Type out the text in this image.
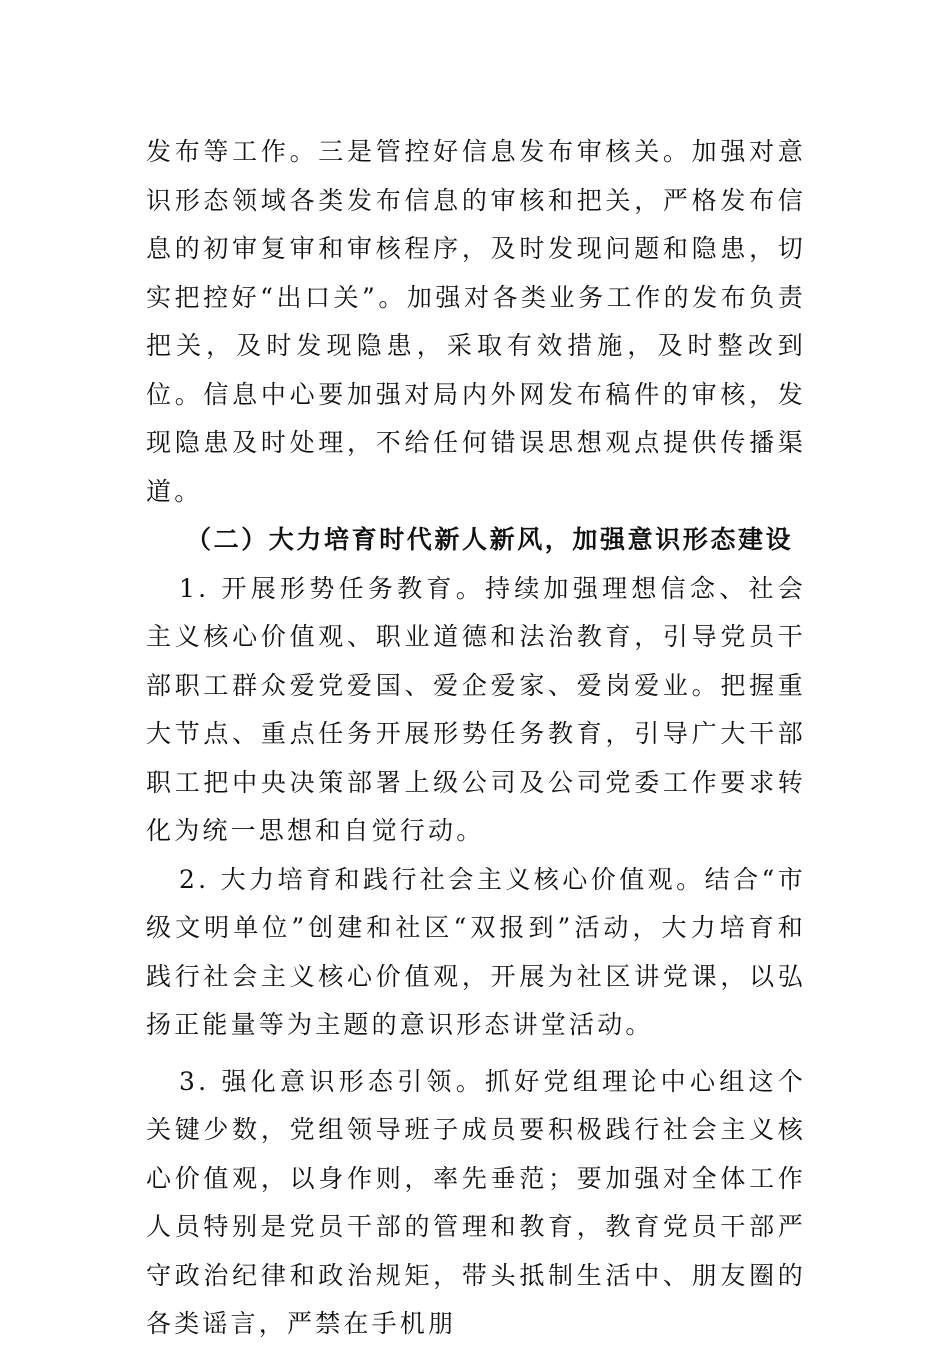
发布等工作。三是管控好信息发布审核关。加强对意识形态领域各类发布信息的审核和把关，严格发布信息的初审复审和审核程序，及时发现问题和隐患，切实把控好“出口关”。加强对各类业务工作的发布负责把关，及时发现隐患，采取有效措施，及时整改到位。信息中心要加强对局内外网发布稿件的审核，发现隐患及时处理，不给任何错误思想观点提供传播渠道。

（二）大力培育时代新人新风，加强意识形态建设

1. 开展形势任务教育。持续加强理想信念、社会主义核心价值观、职业道德和法治教育，引导党员干部职工群众爱党爱国、爱企爱家、爱岗爱业。把握重大节点、重点任务开展形势任务教育，引导广大干部职工把中央决策部署上级公司及公司党委工作要求转化为统一思想和自觉行动。

2. 大力培育和践行社会主义核心价值观。结合“市级文明单位”创建和社区“双报到”活动，大力培育和践行社会主义核心价值观，开展为社区讲党课，以弘扬正能量等为主题的意识形态讲堂活动。

3. 强化意识形态引领。抓好党组理论中心组这个关键少数，党组领导班子成员要积极践行社会主义核心价值观，以身作则，率先垂范；要加强对全体工作人员特别是党员干部的管理和教育，教育党员干部严守政治纪律和政治规矩，带头抵制生活中、朋友圈的各类谣言，严禁在手机朋
